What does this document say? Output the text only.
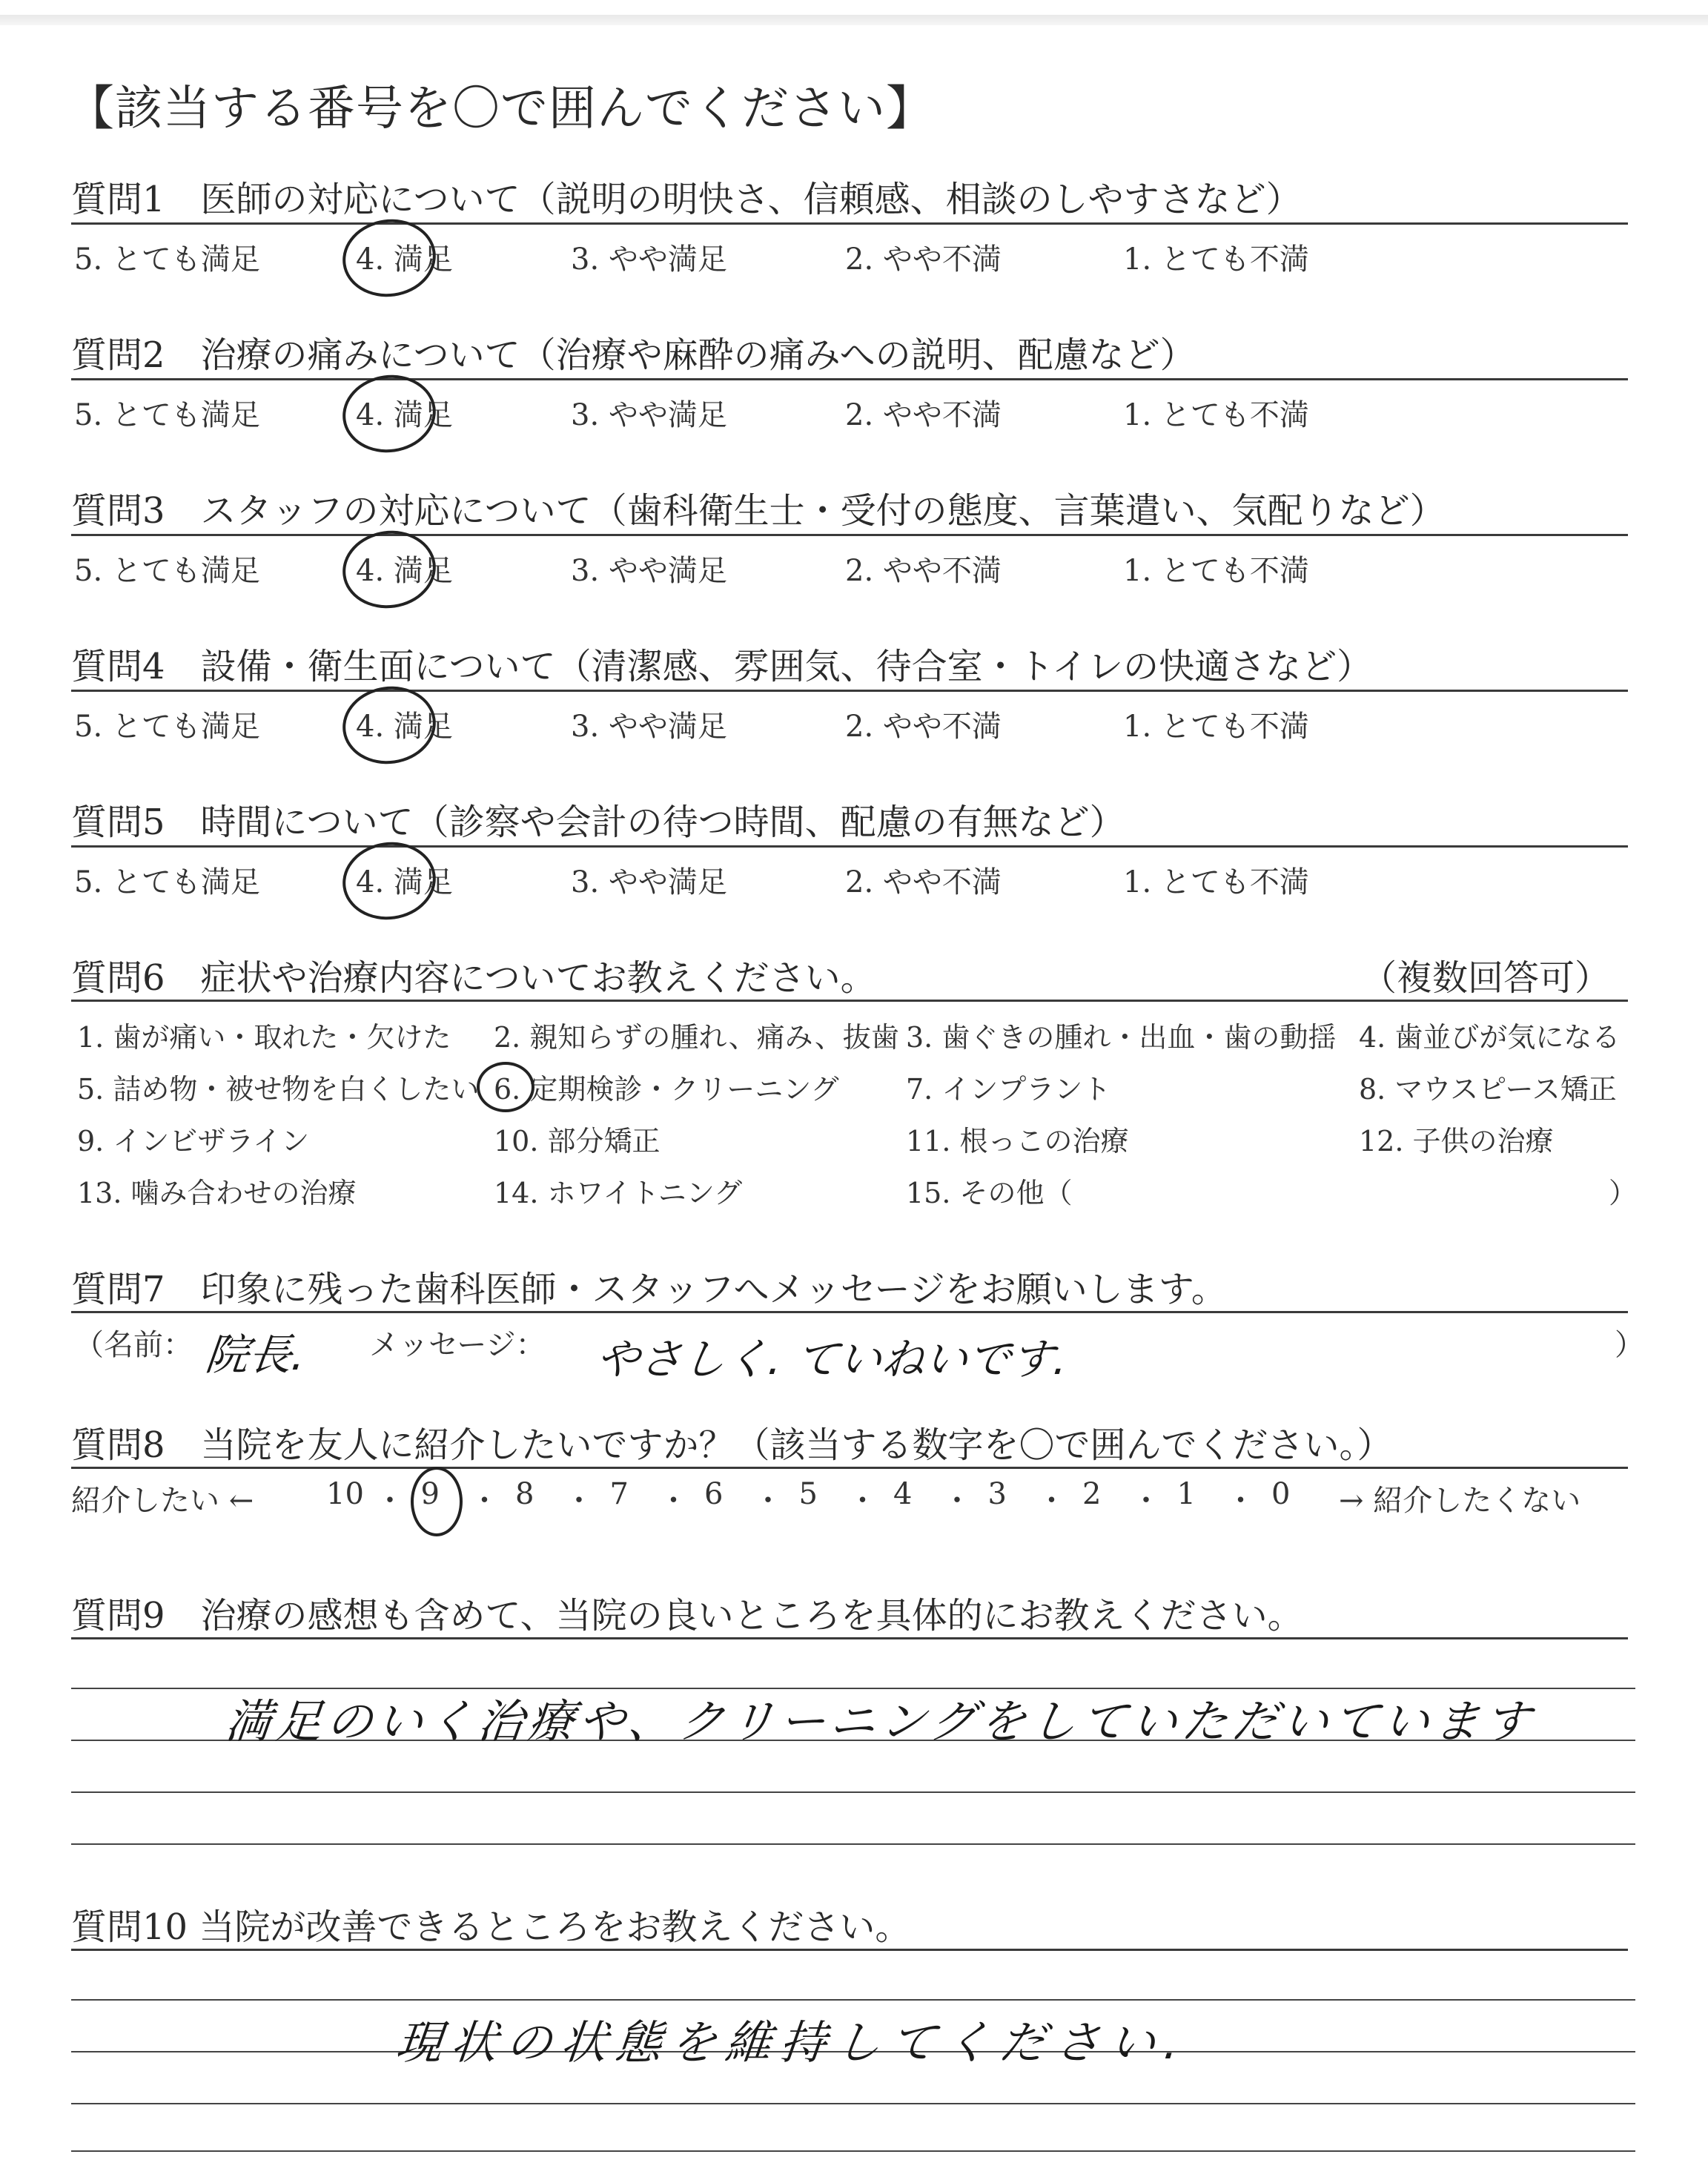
【該当する番号を〇で囲んでください】
質問1　医師の対応について（説明の明快さ、信頼感、相談のしやすさなど）
5. とても満足	4. 満足	3. やや満足	2. やや不満	1. とても不満
質問2　治療の痛みについて（治療や麻酔の痛みへの説明、配慮など）
5. とても満足	4. 満足	3. やや満足	2. やや不満	1. とても不満
質問3　スタッフの対応について（歯科衛生士・受付の態度、言葉遣い、気配りなど）
5. とても満足	4. 満足	3. やや満足	2. やや不満	1. とても不満
質問4　設備・衛生面について（清潔感、雰囲気、待合室・トイレの快適さなど）
5. とても満足	4. 満足	3. やや満足	2. やや不満	1. とても不満
質問5　時間について（診察や会計の待つ時間、配慮の有無など）
5. とても満足	4. 満足	3. やや満足	2. やや不満	1. とても不満
質問6　症状や治療内容についてお教えください。	（複数回答可）
1. 歯が痛い・取れた・欠けた 2. 親知らずの腫れ、痛み、抜歯 3. 歯ぐきの腫れ・出血・歯の動揺 4. 歯並びが気になる
5. 詰め物・被せ物を白くしたい 6. 定期検診・クリーニング 7. インプラント	8. マウスピース矯正
9. インビザライン	10. 部分矯正	11. 根っこの治療	12. 子供の治療
13. 噛み合わせの治療	14. ホワイトニング	15. その他（	）
質問7　印象に残った歯科医師・スタッフへメッセージをお願いします。
（名前： 院長. メッセージ： やさしく. ていねいです.	）
質問8　当院を友人に紹介したいですか？（該当する数字を〇で囲んでください。）
紹介したい ←	→ 紹介したくない
10 ・ 9 ・ 8 ・ 7 ・ 6 ・ 5 ・ 4 ・ 3 ・ 2 ・ 1 ・ 0
質問9　治療の感想も含めて、当院の良いところを具体的にお教えください。
満足のいく治療や、クリーニングをしていただいています
質問10 当院が改善できるところをお教えください。
現状の状態を維持してください.
